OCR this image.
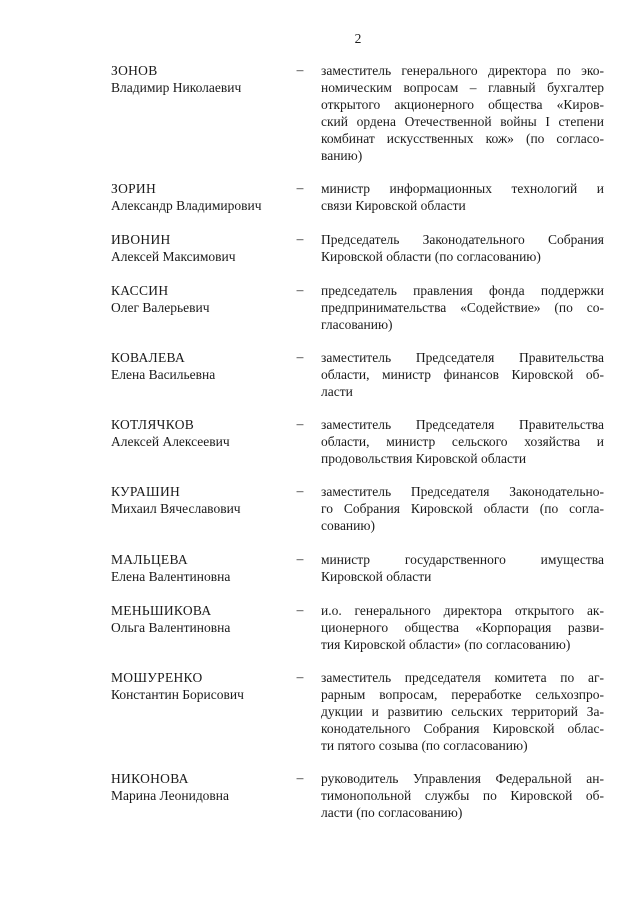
2
ЗОНОВ
Владимир Николаевич
– заместитель генерального директора по эко-
номическим вопросам – главный бухгалтер
открытого акционерного общества «Киров-
ский ордена Отечественной войны I степени
комбинат искусственных кож» (по согласо-
ванию)
ЗОРИН
Александр Владимирович
– министр информационных технологий и
связи Кировской области
ИВОНИН
Алексей Максимович
– Председатель Законодательного Собрания
Кировской области (по согласованию)
КАССИН
Олег Валерьевич
– председатель правления фонда поддержки
предпринимательства «Содействие» (по со-
гласованию)
КОВАЛЕВА
Елена Васильевна
– заместитель Председателя Правительства
области, министр финансов Кировской об-
ласти
КОТЛЯЧКОВ
Алексей Алексеевич
– заместитель Председателя Правительства
области, министр сельского хозяйства и
продовольствия Кировской области
КУРАШИН
Михаил Вячеславович
– заместитель Председателя Законодательно-
го Собрания Кировской области (по согла-
сованию)
МАЛЬЦЕВА
Елена Валентиновна
– министр государственного имущества
Кировской области
МЕНЬШИКОВА
Ольга Валентиновна
– и.о. генерального директора открытого ак-
ционерного общества «Корпорация разви-
тия Кировской области» (по согласованию)
МОШУРЕНКО
Константин Борисович
– заместитель председателя комитета по аг-
рарным вопросам, переработке сельхозпро-
дукции и развитию сельских территорий За-
конодательного Собрания Кировской облас-
ти пятого созыва (по согласованию)
НИКОНОВА
Марина Леонидовна
– руководитель Управления Федеральной ан-
тимонопольной службы по Кировской об-
ласти (по согласованию)
